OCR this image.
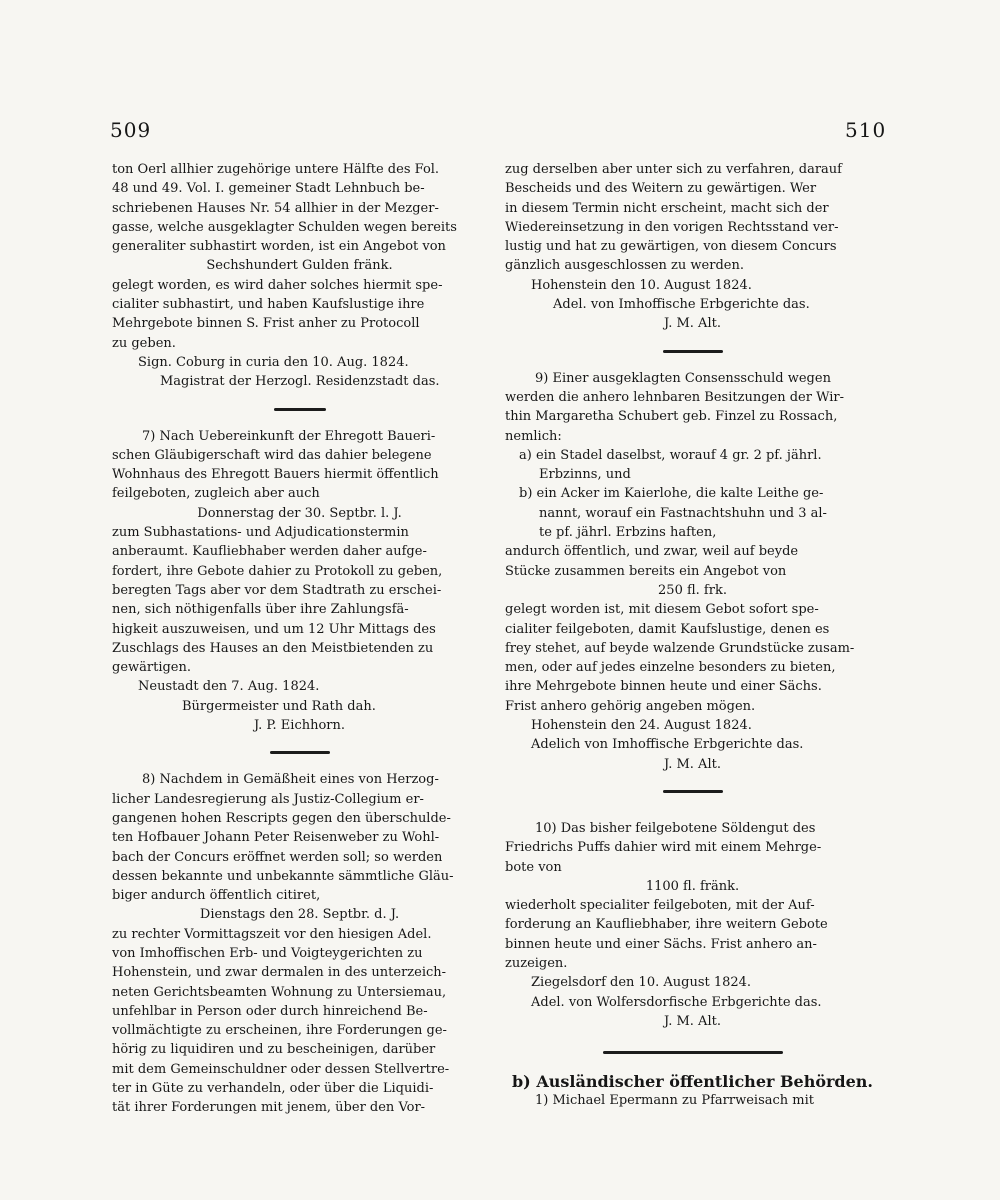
509	510

ton Oerl allhier zugehörige untere Hälfte des Fol.

48 und 49. Vol. I. gemeiner Stadt Lehnbuch be-

schriebenen Hauses Nr. 54 allhier in der Mezger-

gasse, welche ausgeklagter Schulden wegen bereits

generaliter subhastirt worden, ist ein Angebot von

Sechshundert Gulden fränk.

gelegt worden, es wird daher solches hiermit spe-

cialiter subhastirt, und haben Kaufslustige ihre

Mehrgebote binnen S. Frist anher zu Protocoll

zu geben.

Sign. Coburg in curia den 10. Aug. 1824.

Magistrat der Herzogl. Residenzstadt das.

7) Nach Uebereinkunft der Ehregott Baueri-

schen Gläubigerschaft wird das dahier belegene

Wohnhaus des Ehregott Bauers hiermit öffentlich

feilgeboten, zugleich aber auch

Donnerstag der 30. Septbr. l. J.

zum Subhastations- und Adjudicationstermin

anberaumt. Kaufliebhaber werden daher aufge-

fordert, ihre Gebote dahier zu Protokoll zu geben,

beregten Tags aber vor dem Stadtrath zu erschei-

nen, sich nöthigenfalls über ihre Zahlungsfä-

higkeit auszuweisen, und um 12 Uhr Mittags des

Zuschlags des Hauses an den Meistbietenden zu

gewärtigen.

Neustadt den 7. Aug. 1824.

Bürgermeister und Rath dah.

J. P. Eichhorn.

8) Nachdem in Gemäßheit eines von Herzog-

licher Landesregierung als Justiz-Collegium er-

gangenen hohen Rescripts gegen den überschulde-

ten Hofbauer Johann Peter Reisenweber zu Wohl-

bach der Concurs eröffnet werden soll; so werden

dessen bekannte und unbekannte sämmtliche Gläu-

biger andurch öffentlich citiret,

Dienstags den 28. Septbr. d. J.

zu rechter Vormittagszeit vor den hiesigen Adel.

von Imhoffischen Erb- und Voigteygerichten zu

Hohenstein, und zwar dermalen in des unterzeich-

neten Gerichtsbeamten Wohnung zu Untersiemau,

unfehlbar in Person oder durch hinreichend Be-

vollmächtigte zu erscheinen, ihre Forderungen ge-

hörig zu liquidiren und zu bescheinigen, darüber

mit dem Gemeinschuldner oder dessen Stellvertre-

ter in Güte zu verhandeln, oder über die Liquidi-

tät ihrer Forderungen mit jenem, über den Vor-

zug derselben aber unter sich zu verfahren, darauf

Bescheids und des Weitern zu gewärtigen. Wer

in diesem Termin nicht erscheint, macht sich der

Wiedereinsetzung in den vorigen Rechtsstand ver-

lustig und hat zu gewärtigen, von diesem Concurs

gänzlich ausgeschlossen zu werden.

Hohenstein den 10. August 1824.

Adel. von Imhoffische Erbgerichte das.

J. M. Alt.

9) Einer ausgeklagten Consensschuld wegen

werden die anhero lehnbaren Besitzungen der Wir-

thin Margaretha Schubert geb. Finzel zu Rossach,

nemlich:

a) ein Stadel daselbst, worauf 4 gr. 2 pf. jährl.

Erbzinns, und

b) ein Acker im Kaierlohe, die kalte Leithe ge-

nannt, worauf ein Fastnachtshuhn und 3 al-

te pf. jährl. Erbzins haften,

andurch öffentlich, und zwar, weil auf beyde

Stücke zusammen bereits ein Angebot von

250 fl. frk.

gelegt worden ist, mit diesem Gebot sofort spe-

cialiter feilgeboten, damit Kaufslustige, denen es

frey stehet, auf beyde walzende Grundstücke zusam-

men, oder auf jedes einzelne besonders zu bieten,

ihre Mehrgebote binnen heute und einer Sächs.

Frist anhero gehörig angeben mögen.

Hohenstein den 24. August 1824.

Adelich von Imhoffische Erbgerichte das.

J. M. Alt.

10) Das bisher feilgebotene Söldengut des

Friedrichs Puffs dahier wird mit einem Mehrge-

bote von

1100 fl. fränk.

wiederholt specialiter feilgeboten, mit der Auf-

forderung an Kaufliebhaber, ihre weitern Gebote

binnen heute und einer Sächs. Frist anhero an-

zuzeigen.

Ziegelsdorf den 10. August 1824.

Adel. von Wolfersdorfische Erbgerichte das.

J. M. Alt.

b) Ausländischer öffentlicher Behörden.

1) Michael Epermann zu Pfarrweisach mit
